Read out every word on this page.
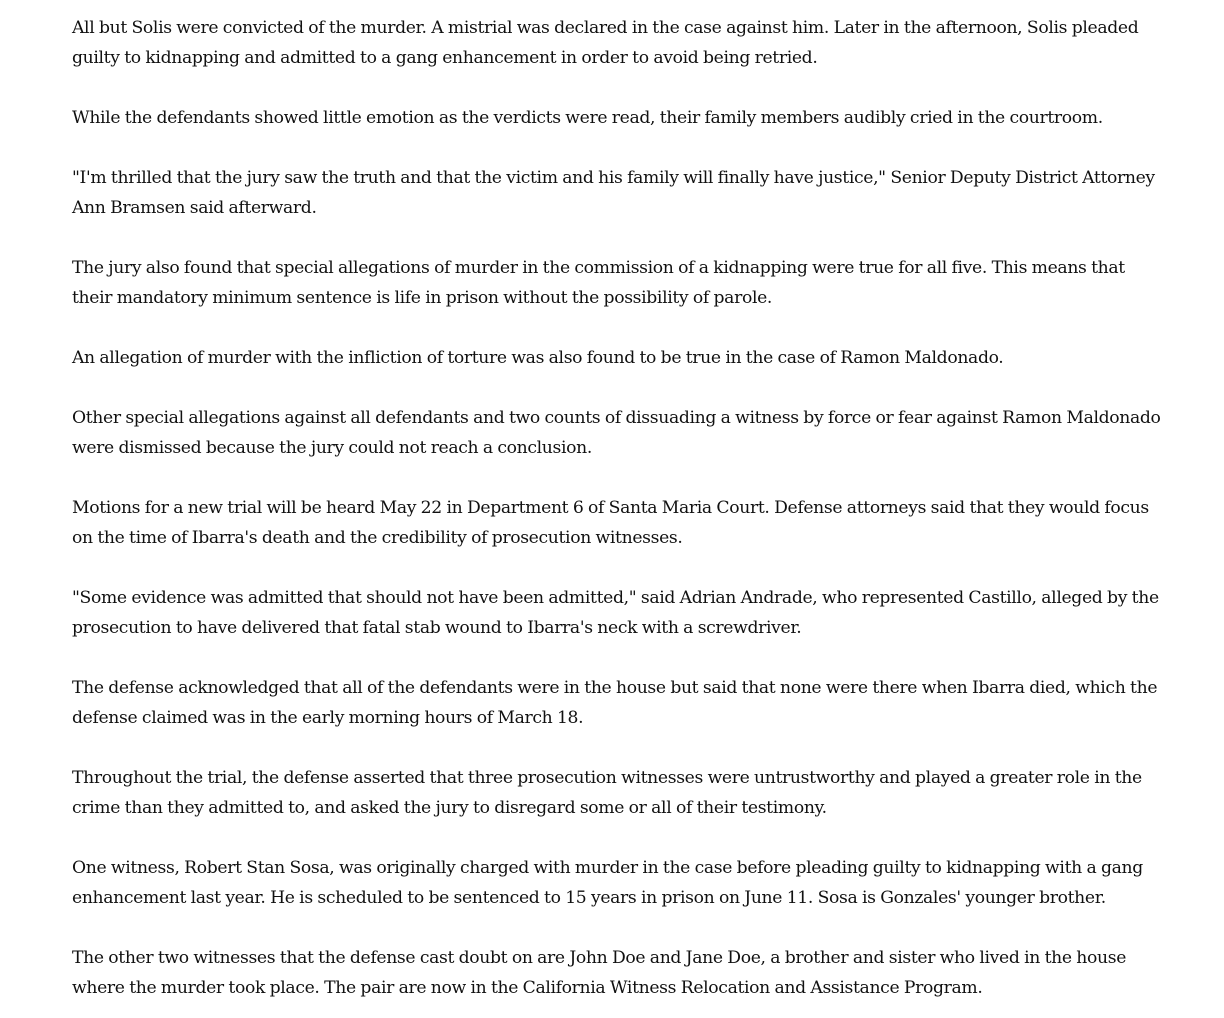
All but Solis were convicted of the murder. A mistrial was declared in the case against him. Later in the afternoon, Solis pleaded guilty to kidnapping and admitted to a gang enhancement in order to avoid being retried.

While the defendants showed little emotion as the verdicts were read, their family members audibly cried in the courtroom.

"I'm thrilled that the jury saw the truth and that the victim and his family will finally have justice," Senior Deputy District Attorney Ann Bramsen said afterward.

The jury also found that special allegations of murder in the commission of a kidnapping were true for all five. This means that their mandatory minimum sentence is life in prison without the possibility of parole.

An allegation of murder with the infliction of torture was also found to be true in the case of Ramon Maldonado.

Other special allegations against all defendants and two counts of dissuading a witness by force or fear against Ramon Maldonado were dismissed because the jury could not reach a conclusion.

Motions for a new trial will be heard May 22 in Department 6 of Santa Maria Court. Defense attorneys said that they would focus on the time of Ibarra's death and the credibility of prosecution witnesses.

"Some evidence was admitted that should not have been admitted," said Adrian Andrade, who represented Castillo, alleged by the prosecution to have delivered that fatal stab wound to Ibarra's neck with a screwdriver.

The defense acknowledged that all of the defendants were in the house but said that none were there when Ibarra died, which the defense claimed was in the early morning hours of March 18.

Throughout the trial, the defense asserted that three prosecution witnesses were untrustworthy and played a greater role in the crime than they admitted to, and asked the jury to disregard some or all of their testimony.

One witness, Robert Stan Sosa, was originally charged with murder in the case before pleading guilty to kidnapping with a gang enhancement last year. He is scheduled to be sentenced to 15 years in prison on June 11. Sosa is Gonzales' younger brother.

The other two witnesses that the defense cast doubt on are John Doe and Jane Doe, a brother and sister who lived in the house where the murder took place. The pair are now in the California Witness Relocation and Assistance Program.
